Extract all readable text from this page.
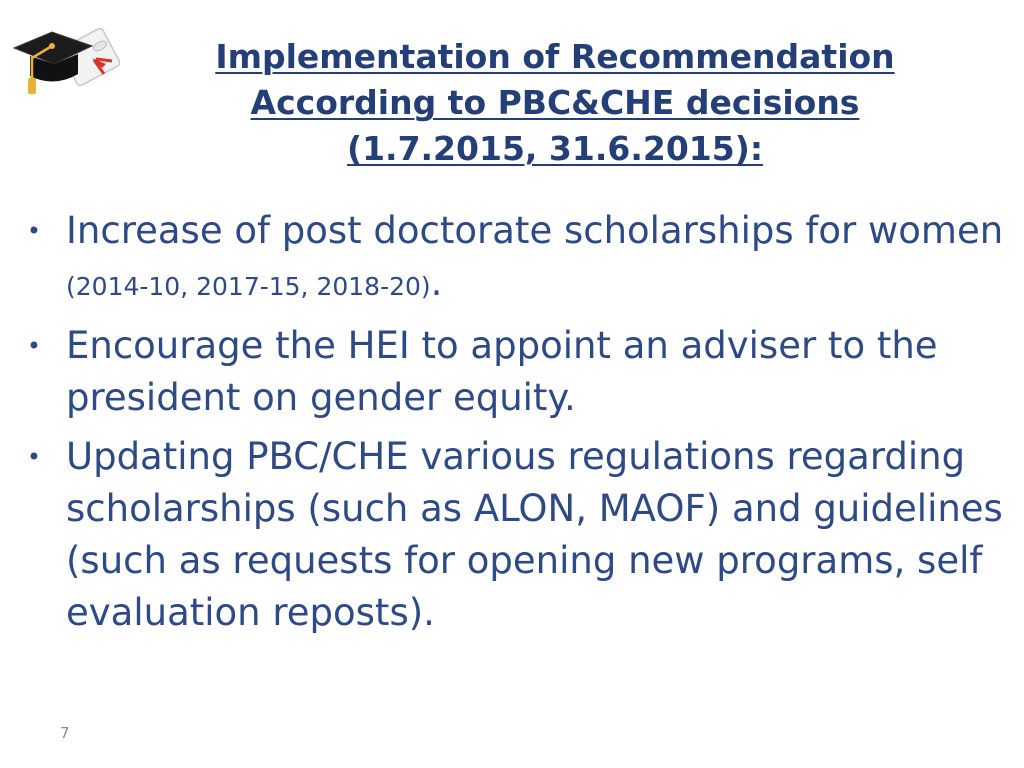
Implementation of Recommendation
According to PBC&CHE decisions
(1.7.2015, 31.6.2015):
• Increase of post doctorate scholarships for women (2014-10, 2017-15, 2018-20).
• Encourage the HEI to appoint an adviser to the president on gender equity.
• Updating PBC/CHE various regulations regarding scholarships (such as ALON, MAOF) and guidelines (such as requests for opening new programs, self evaluation reposts).
7
